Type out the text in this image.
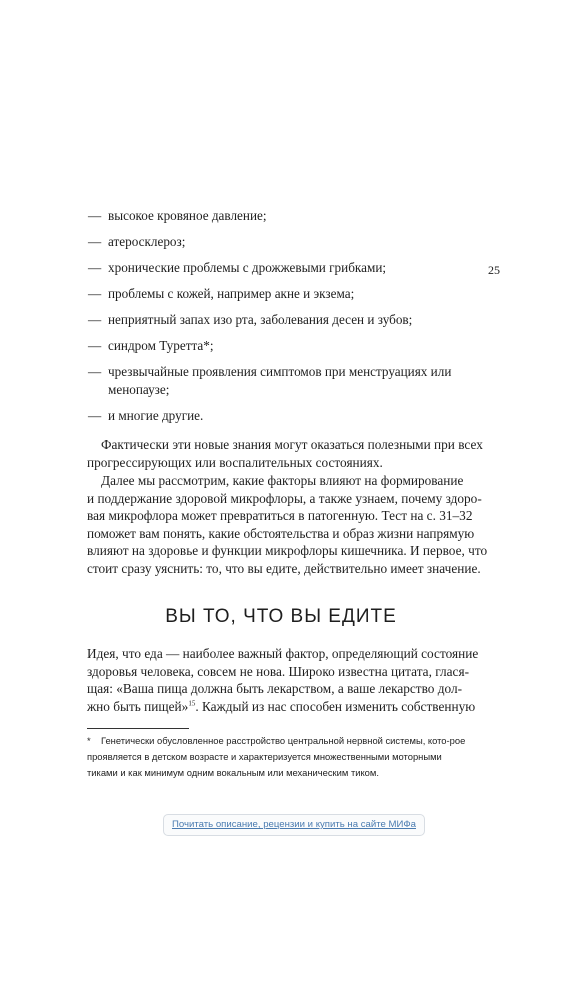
25
— высокое кровяное давление;
— атеросклероз;
— хронические проблемы с дрожжевыми грибками;
— проблемы с кожей, например акне и экзема;
— неприятный запах изо рта, заболевания десен и зубов;
— синдром Туретта*;
— чрезвычайные проявления симптомов при менструациях или менопаузе;
— и многие другие.
Фактически эти новые знания могут оказаться полезными при всех
прогрессирующих или воспалительных состояниях.
Далее мы рассмотрим, какие факторы влияют на формирование
и поддержание здоровой микрофлоры, а также узнаем, почему здоро-
вая микрофлора может превратиться в патогенную. Тест на с. 31–32
поможет вам понять, какие обстоятельства и образ жизни напрямую
влияют на здоровье и функции микрофлоры кишечника. И первое, что
стоит сразу уяснить: то, что вы едите, действительно имеет значение.
ВЫ ТО, ЧТО ВЫ ЕДИТЕ
Идея, что еда — наиболее важный фактор, определяющий состояние
здоровья человека, совсем не нова. Широко известна цитата, глася-
щая: «Ваша пища должна быть лекарством, а ваше лекарство дол-
жно быть пищей»$^{15}$. Каждый из нас способен изменить собственную
* Генетически обусловленное расстройство центральной нервной системы, кото-рое
проявляется в детском возрасте и характеризуется множественными моторными
тиками и как минимум одним вокальным или механическим тиком.
Почитать описание, рецензии и купить на сайте МИФа
